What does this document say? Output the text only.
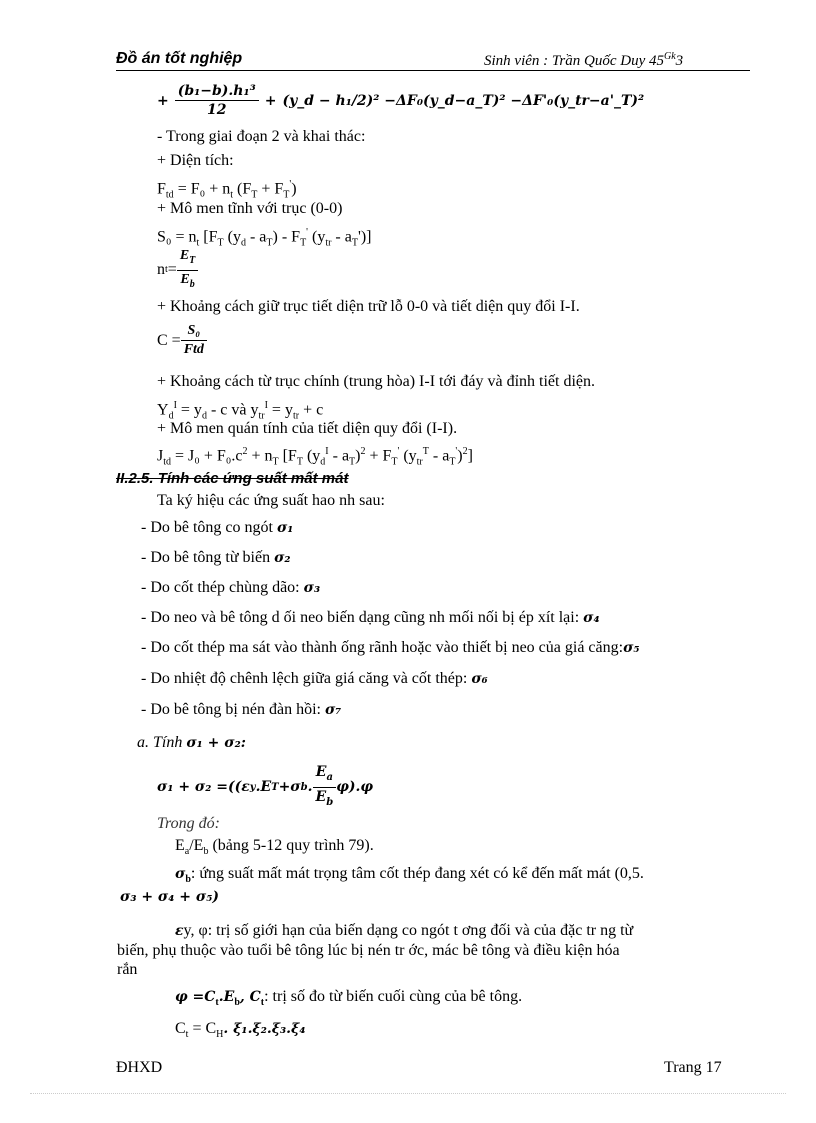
Đồ án tốt nghiệp	Sinh viên : Trần Quốc Duy $45^{Gk}3$
+ $\frac{\text{(b₁−b).h₁³}}{12}$ + (y_d − h₁/2)² −ΔF₀(y_d−a_T)² −ΔF'₀(y_tr−a'_T)²
- Trong giai đoạn 2 và khai thác:
+ Diện tích:
$F_{td} = F_0 + n_t$ $(F_T + F_T')$
+ Mô men tĩnh với trục (0-0)
$S_0 = n_t$ [$F_T$ $(y_d - a_T) - F_T'$ $(y_{tr} - a_T')$]
n $t = \frac{E_T}{E_b}$
+ Khoảng cách giữ trục tiết diện trữ lỗ 0-0 và tiết diện quy đổi I-I.
$C = \frac{\text{S₀}}{\text{Ftd}}$
+ Khoảng cách từ trục chính (trung hòa) I-I tới đáy và đỉnh tiết diện.
$Y_d^I = y_d - c$ và $y_{tr}^I = y_{tr} + c$
+ Mô men quán tính của tiết diện quy đổi (I-I).
$J_{td} = J_0 + F_0.c^2 + n_T$ [$F_T$ $(y_d^I - a_T)^2 + F_T'$ $(y_{tr}^T - a_T')^2$]
II.2.5. Tính các ứng suất mất mát
Ta ký hiệu các ứng suất hao nh sau:
- Do bê tông co ngót σ₁
- Do bê tông từ biến σ₂
- Do cốt thép chùng dão: σ₃
- Do neo và bê tông d ối neo biến dạng cũng nh mối nối bị ép xít lại: σ₄
- Do cốt thép ma sát vào thành ống rãnh hoặc vào thiết bị neo của giá căng:σ₅
- Do nhiệt độ chênh lệch giữa giá căng và cốt thép: σ₆
- Do bê tông bị nén đàn hồi: σ₇
a. Tính σ₁ + σ₂:
σ₁ + σ₂ =( (ε y .E T +σ b . $\frac{E_a}{E_b} \varphi).\varphi$
Trong đó:
$E_a/E_b$ (bảng 5-12 quy trình 79).
$\sigma_b$: ứng suất mất mát trọng tâm cốt thép đang xét có kể đến mất mát (0,5.
σ₃ + σ₄ + σ₅)
εy, φ: trị số giới hạn của biến dạng co ngót t ơng đối và của đặc tr ng từ
biến, phụ thuộc vào tuổi bê tông lúc bị nén tr ớc, mác bê tông và điều kiện hóa
rắn
$\varphi =C_t.E_b$, $C_t$: trị số đo từ biến cuối cùng của bê tông.
$C_t = C_H$. ξ₁.ξ₂.ξ₃.ξ₄
ĐHXD	Trang 17
